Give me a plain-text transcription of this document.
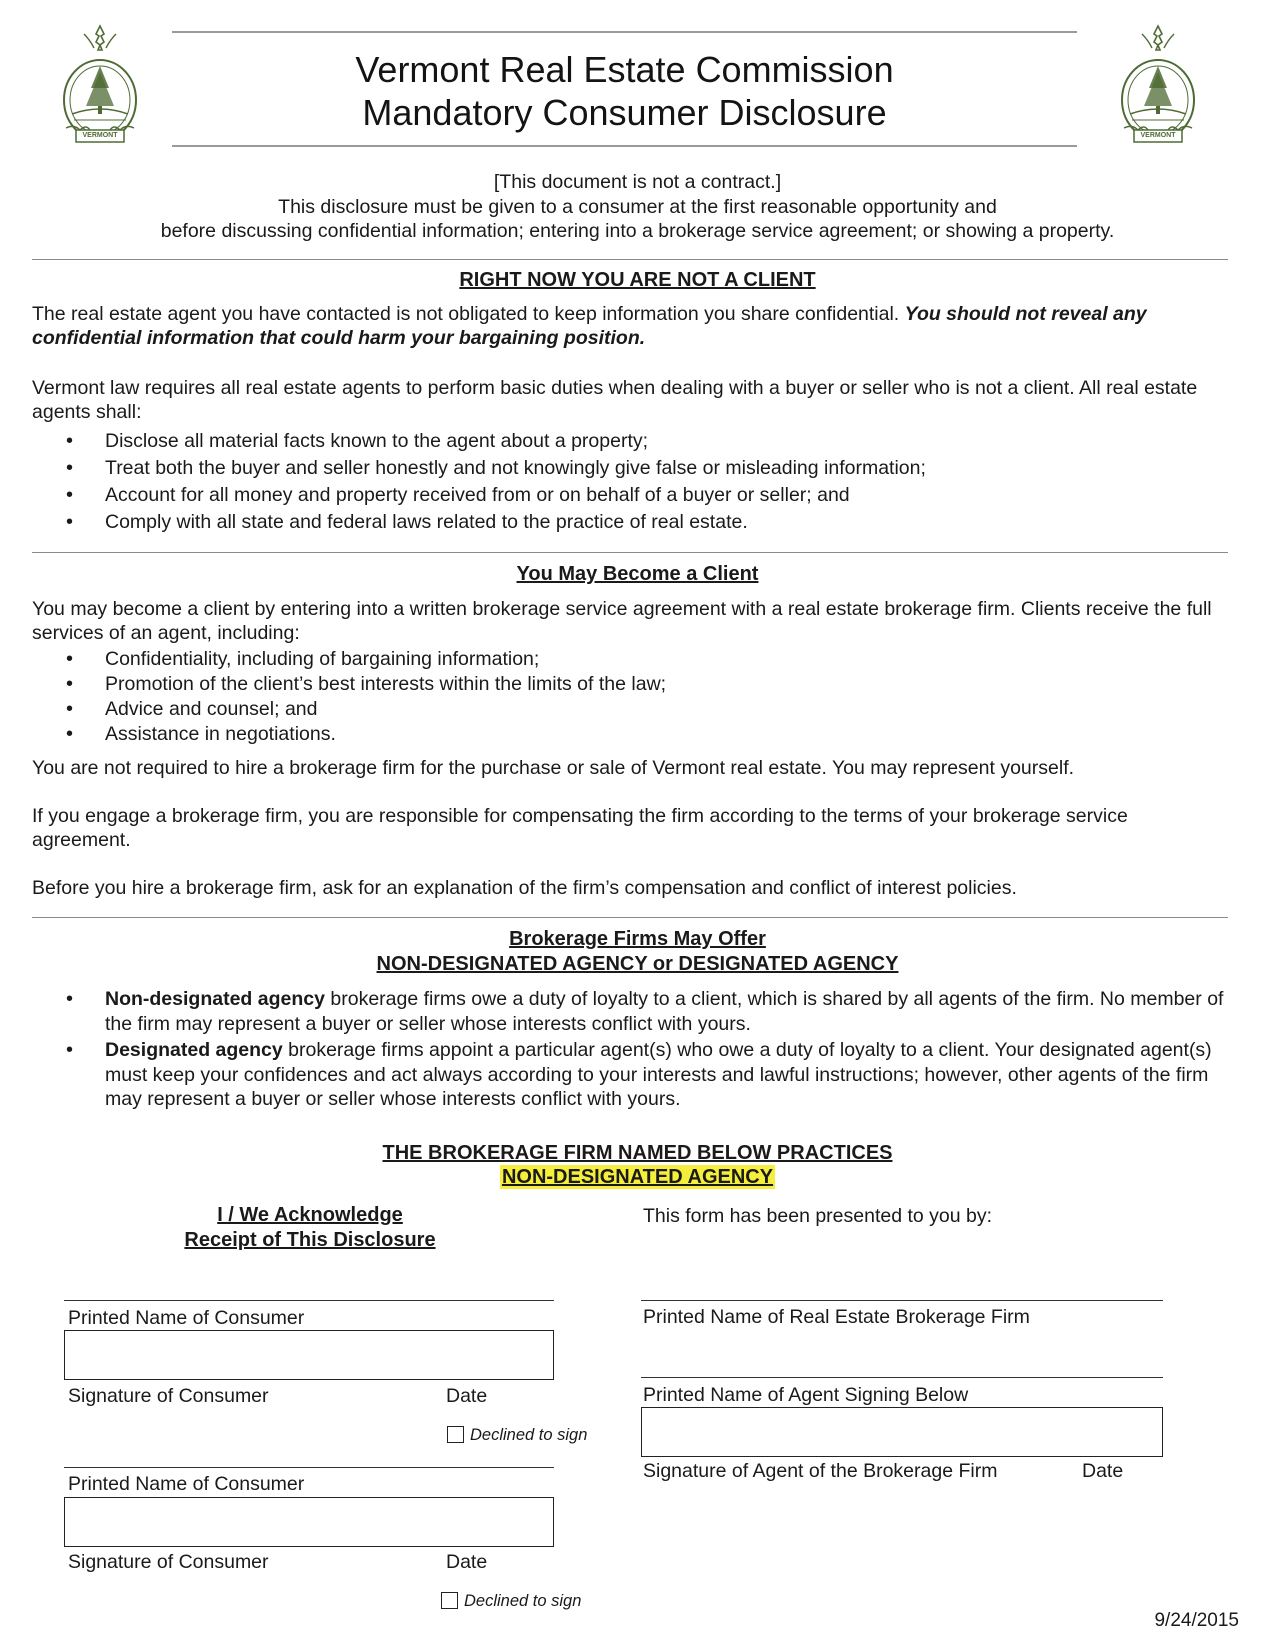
VERMONT	VERMONT
Vermont Real Estate Commission
Mandatory Consumer Disclosure
[This document is not a contract.]
This disclosure must be given to a consumer at the first reasonable opportunity and
before discussing confidential information; entering into a brokerage service agreement; or showing a property.
RIGHT NOW YOU ARE NOT A CLIENT
The real estate agent you have contacted is not obligated to keep information you share confidential. You should not reveal any confidential information that could harm your bargaining position.
Vermont law requires all real estate agents to perform basic duties when dealing with a buyer or seller who is not a client. All real estate agents shall:
• Disclose all material facts known to the agent about a property;
• Treat both the buyer and seller honestly and not knowingly give false or misleading information;
• Account for all money and property received from or on behalf of a buyer or seller; and
• Comply with all state and federal laws related to the practice of real estate.
You May Become a Client
You may become a client by entering into a written brokerage service agreement with a real estate brokerage firm. Clients receive the full services of an agent, including:
• Confidentiality, including of bargaining information;
• Promotion of the client’s best interests within the limits of the law;
• Advice and counsel; and
• Assistance in negotiations.
You are not required to hire a brokerage firm for the purchase or sale of Vermont real estate. You may represent yourself.
If you engage a brokerage firm, you are responsible for compensating the firm according to the terms of your brokerage service agreement.
Before you hire a brokerage firm, ask for an explanation of the firm’s compensation and conflict of interest policies.
Brokerage Firms May Offer
NON-DESIGNATED AGENCY or DESIGNATED AGENCY
• Non-designated agency brokerage firms owe a duty of loyalty to a client, which is shared by all agents of the firm. No member of the firm may represent a buyer or seller whose interests conflict with yours.
• Designated agency brokerage firms appoint a particular agent(s) who owe a duty of loyalty to a client. Your designated agent(s) must keep your confidences and act always according to your interests and lawful instructions; however, other agents of the firm may represent a buyer or seller whose interests conflict with yours.
THE BROKERAGE FIRM NAMED BELOW PRACTICES
NON-DESIGNATED AGENCY
I / We Acknowledge
Receipt of This Disclosure
This form has been presented to you by:
Printed Name of Consumer
Signature of Consumer	Date
Declined to sign
Printed Name of Consumer
Signature of Consumer	Date
Declined to sign
Printed Name of Real Estate Brokerage Firm
Printed Name of Agent Signing Below
Signature of Agent of the Brokerage Firm	Date
9/24/2015
